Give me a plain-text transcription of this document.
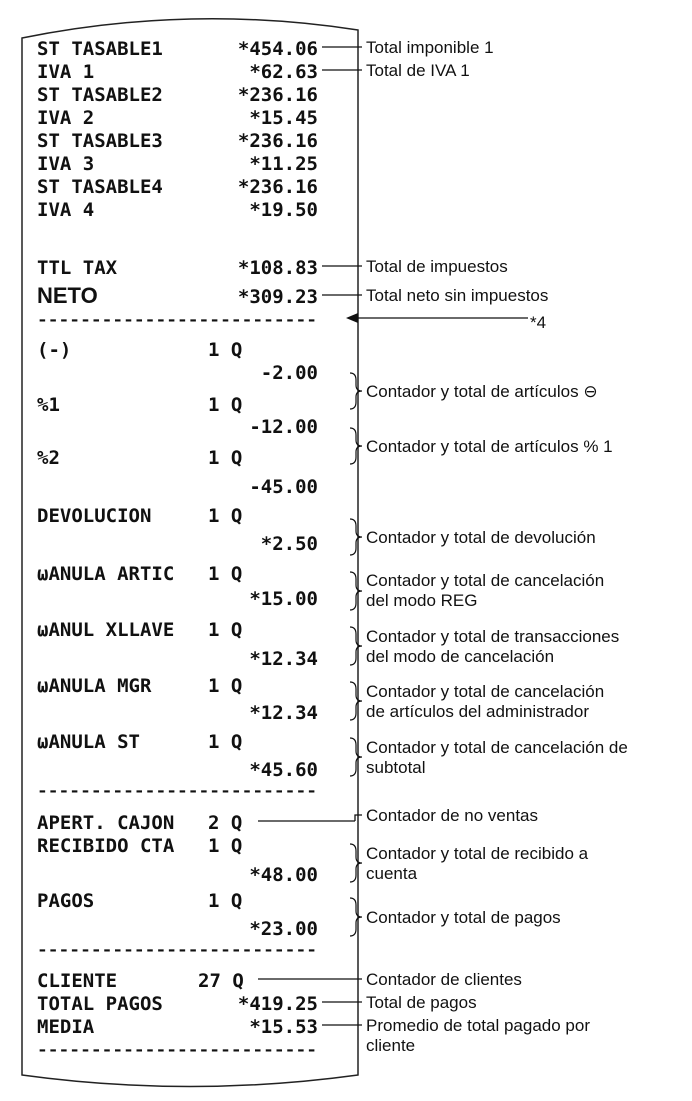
ST TASABLE1	*454.06
IVA 1	*62.63
ST TASABLE2	*236.16
IVA 2	*15.45
ST TASABLE3	*236.16
IVA 3	*11.25
ST TASABLE4	*236.16
IVA 4	*19.50
TTL TAX	*108.83
NETO	*309.23
--------------------------
(-)	1 Q
-2.00
%1	1 Q
-12.00
%2	1 Q
-45.00
DEVOLUCION	1 Q
*2.50
ωANULA ARTIC 1 Q
*15.00
ωANUL XLLAVE 1 Q
*12.34
ωANULA MGR	1 Q
*12.34
ωANULA ST	1 Q
*45.60
--------------------------
APERT. CAJON 2 Q
RECIBIDO CTA 1 Q
*48.00
PAGOS	1 Q
*23.00
--------------------------
CLIENTE	27 Q
TOTAL PAGOS	*419.25
MEDIA	*15.53
--------------------------
Total imponible 1
Total de IVA 1
Total de impuestos
Total neto sin impuestos
*4
Contador y total de artículos ⊖
Contador y total de artículos % 1
Contador y total de devolución
Contador y total de cancelación
del modo REG
Contador y total de transacciones
del modo de cancelación
Contador y total de cancelación
de artículos del administrador
Contador y total de cancelación de
subtotal
Contador de no ventas
Contador y total de recibido a
cuenta
Contador y total de pagos
Contador de clientes
Total de pagos
Promedio de total pagado por
cliente
